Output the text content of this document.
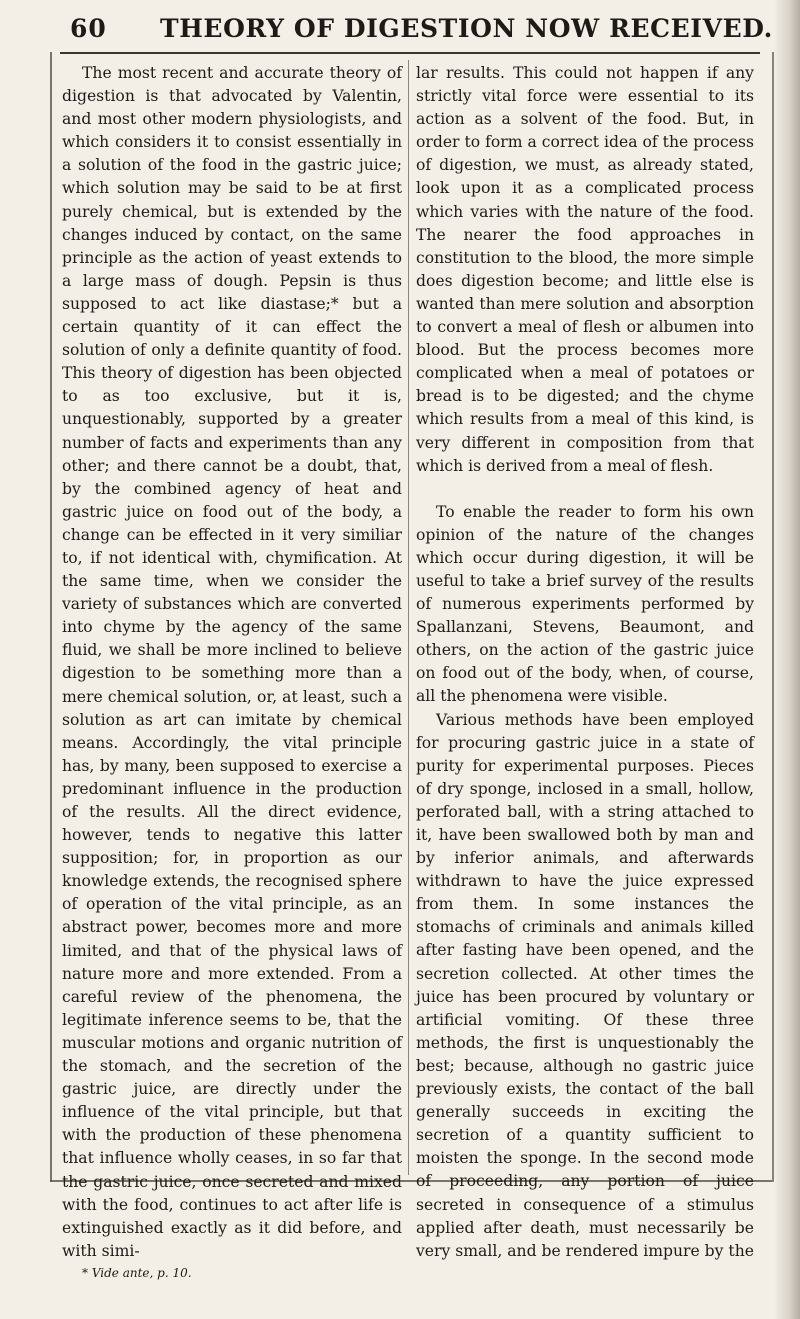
60 THEORY OF DIGESTION NOW RECEIVED.

The most recent and accurate theory of digestion is that advocated by Valentin, and most other modern physiologists, and which considers it to consist essentially in a solution of the food in the gastric juice; which solution may be said to be at first purely chemical, but is extended by the changes induced by contact, on the same principle as the action of yeast extends to a large mass of dough. Pepsin is thus supposed to act like diastase;* but a certain quantity of it can effect the solution of only a definite quantity of food. This theory of digestion has been objected to as too exclusive, but it is, unquestionably, supported by a greater number of facts and experiments than any other; and there cannot be a doubt, that, by the combined agency of heat and gastric juice on food out of the body, a change can be effected in it very similiar to, if not identical with, chymification. At the same time, when we consider the variety of substances which are converted into chyme by the agency of the same fluid, we shall be more inclined to believe digestion to be something more than a mere chemical solution, or, at least, such a solution as art can imitate by chemical means. Accordingly, the vital principle has, by many, been supposed to exercise a predominant influence in the production of the results. All the direct evidence, however, tends to negative this latter supposition; for, in proportion as our knowledge extends, the recognised sphere of operation of the vital principle, as an abstract power, becomes more and more limited, and that of the physical laws of nature more and more extended. From a careful review of the phenomena, the legitimate inference seems to be, that the muscular motions and organic nutrition of the stomach, and the secretion of the gastric juice, are directly under the influence of the vital principle, but that with the production of these phenomena that influence wholly ceases, in so far that the gastric juice, once secreted and mixed with the food, continues to act after life is extinguished exactly as it did before, and with simi-

* Vide ante, p. 10.

lar results. This could not happen if any strictly vital force were essential to its action as a solvent of the food. But, in order to form a correct idea of the process of digestion, we must, as already stated, look upon it as a complicated process which varies with the nature of the food. The nearer the food approaches in constitution to the blood, the more simple does digestion become; and little else is wanted than mere solution and absorption to convert a meal of flesh or albumen into blood. But the process becomes more complicated when a meal of potatoes or bread is to be digested; and the chyme which results from a meal of this kind, is very different in composition from that which is derived from a meal of flesh.

To enable the reader to form his own opinion of the nature of the changes which occur during digestion, it will be useful to take a brief survey of the results of numerous experiments performed by Spallanzani, Stevens, Beaumont, and others, on the action of the gastric juice on food out of the body, when, of course, all the phenomena were visible.

Various methods have been employed for procuring gastric juice in a state of purity for experimental purposes. Pieces of dry sponge, inclosed in a small, hollow, perforated ball, with a string attached to it, have been swallowed both by man and by inferior animals, and afterwards withdrawn to have the juice expressed from them. In some instances the stomachs of criminals and animals killed after fasting have been opened, and the secretion collected. At other times the juice has been procured by voluntary or artificial vomiting. Of these three methods, the first is unquestionably the best; because, although no gastric juice previously exists, the contact of the ball generally succeeds in exciting the secretion of a quantity sufficient to moisten the sponge. In the second mode of proceeding, any portion of juice secreted in consequence of a stimulus applied after death, must necessarily be very small, and be rendered impure by the
